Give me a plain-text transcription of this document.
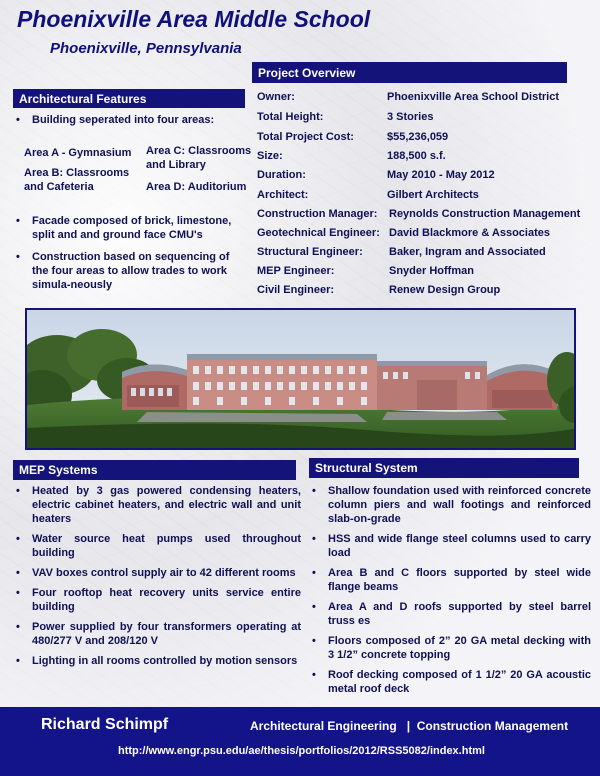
Phoenixville Area Middle School
Phoenixville, Pennsylvania
Architectural Features
• Building seperated into four areas:
Area A - Gymnasium
Area B: Classrooms and Cafeteria
Area C: Classrooms and Library
Area D: Auditorium
• Facade composed of brick, limestone, split and and ground face CMU's
• Construction based on sequencing of the four areas to allow trades to work simula-neously
Project Overview
Owner:	Phoenixville Area School District
Total Height:	3 Stories
Total Project Cost:	$55,236,059
Size:	188,500 s.f.
Duration:	May 2010 - May 2012
Architect:	Gilbert Architects
Construction Manager: Reynolds Construction Management
Geotechnical Engineer: David Blackmore & Associates
Structural Engineer: Baker, Ingram and Associated
MEP Engineer:	Snyder Hoffman
Civil Engineer:	Renew Design Group
MEP Systems
• Heated by 3 gas powered condensing heaters, electric cabinet heaters, and electric wall and unit heaters
• Water source heat pumps used throughout building
• VAV boxes control supply air to 42 different rooms
• Four rooftop heat recovery units service entire building
• Power supplied by four transformers operating at 480/277 V and 208/120 V
• Lighting in all rooms controlled by motion sensors
Structural System
• Shallow foundation used with reinforced concrete column piers and wall footings and reinforced slab-on-grade
• HSS and wide flange steel columns used to carry load
• Area B and C floors supported by steel wide flange beams
• Area A and D roofs supported by steel barrel truss es
• Floors composed of 2” 20 GA metal decking with 3 1/2” concrete topping
• Roof decking composed of 1 1/2” 20 GA acoustic metal roof deck
Richard Schimpf	Architectural Engineering   |  Construction Management
http://www.engr.psu.edu/ae/thesis/portfolios/2012/RSS5082/index.html
